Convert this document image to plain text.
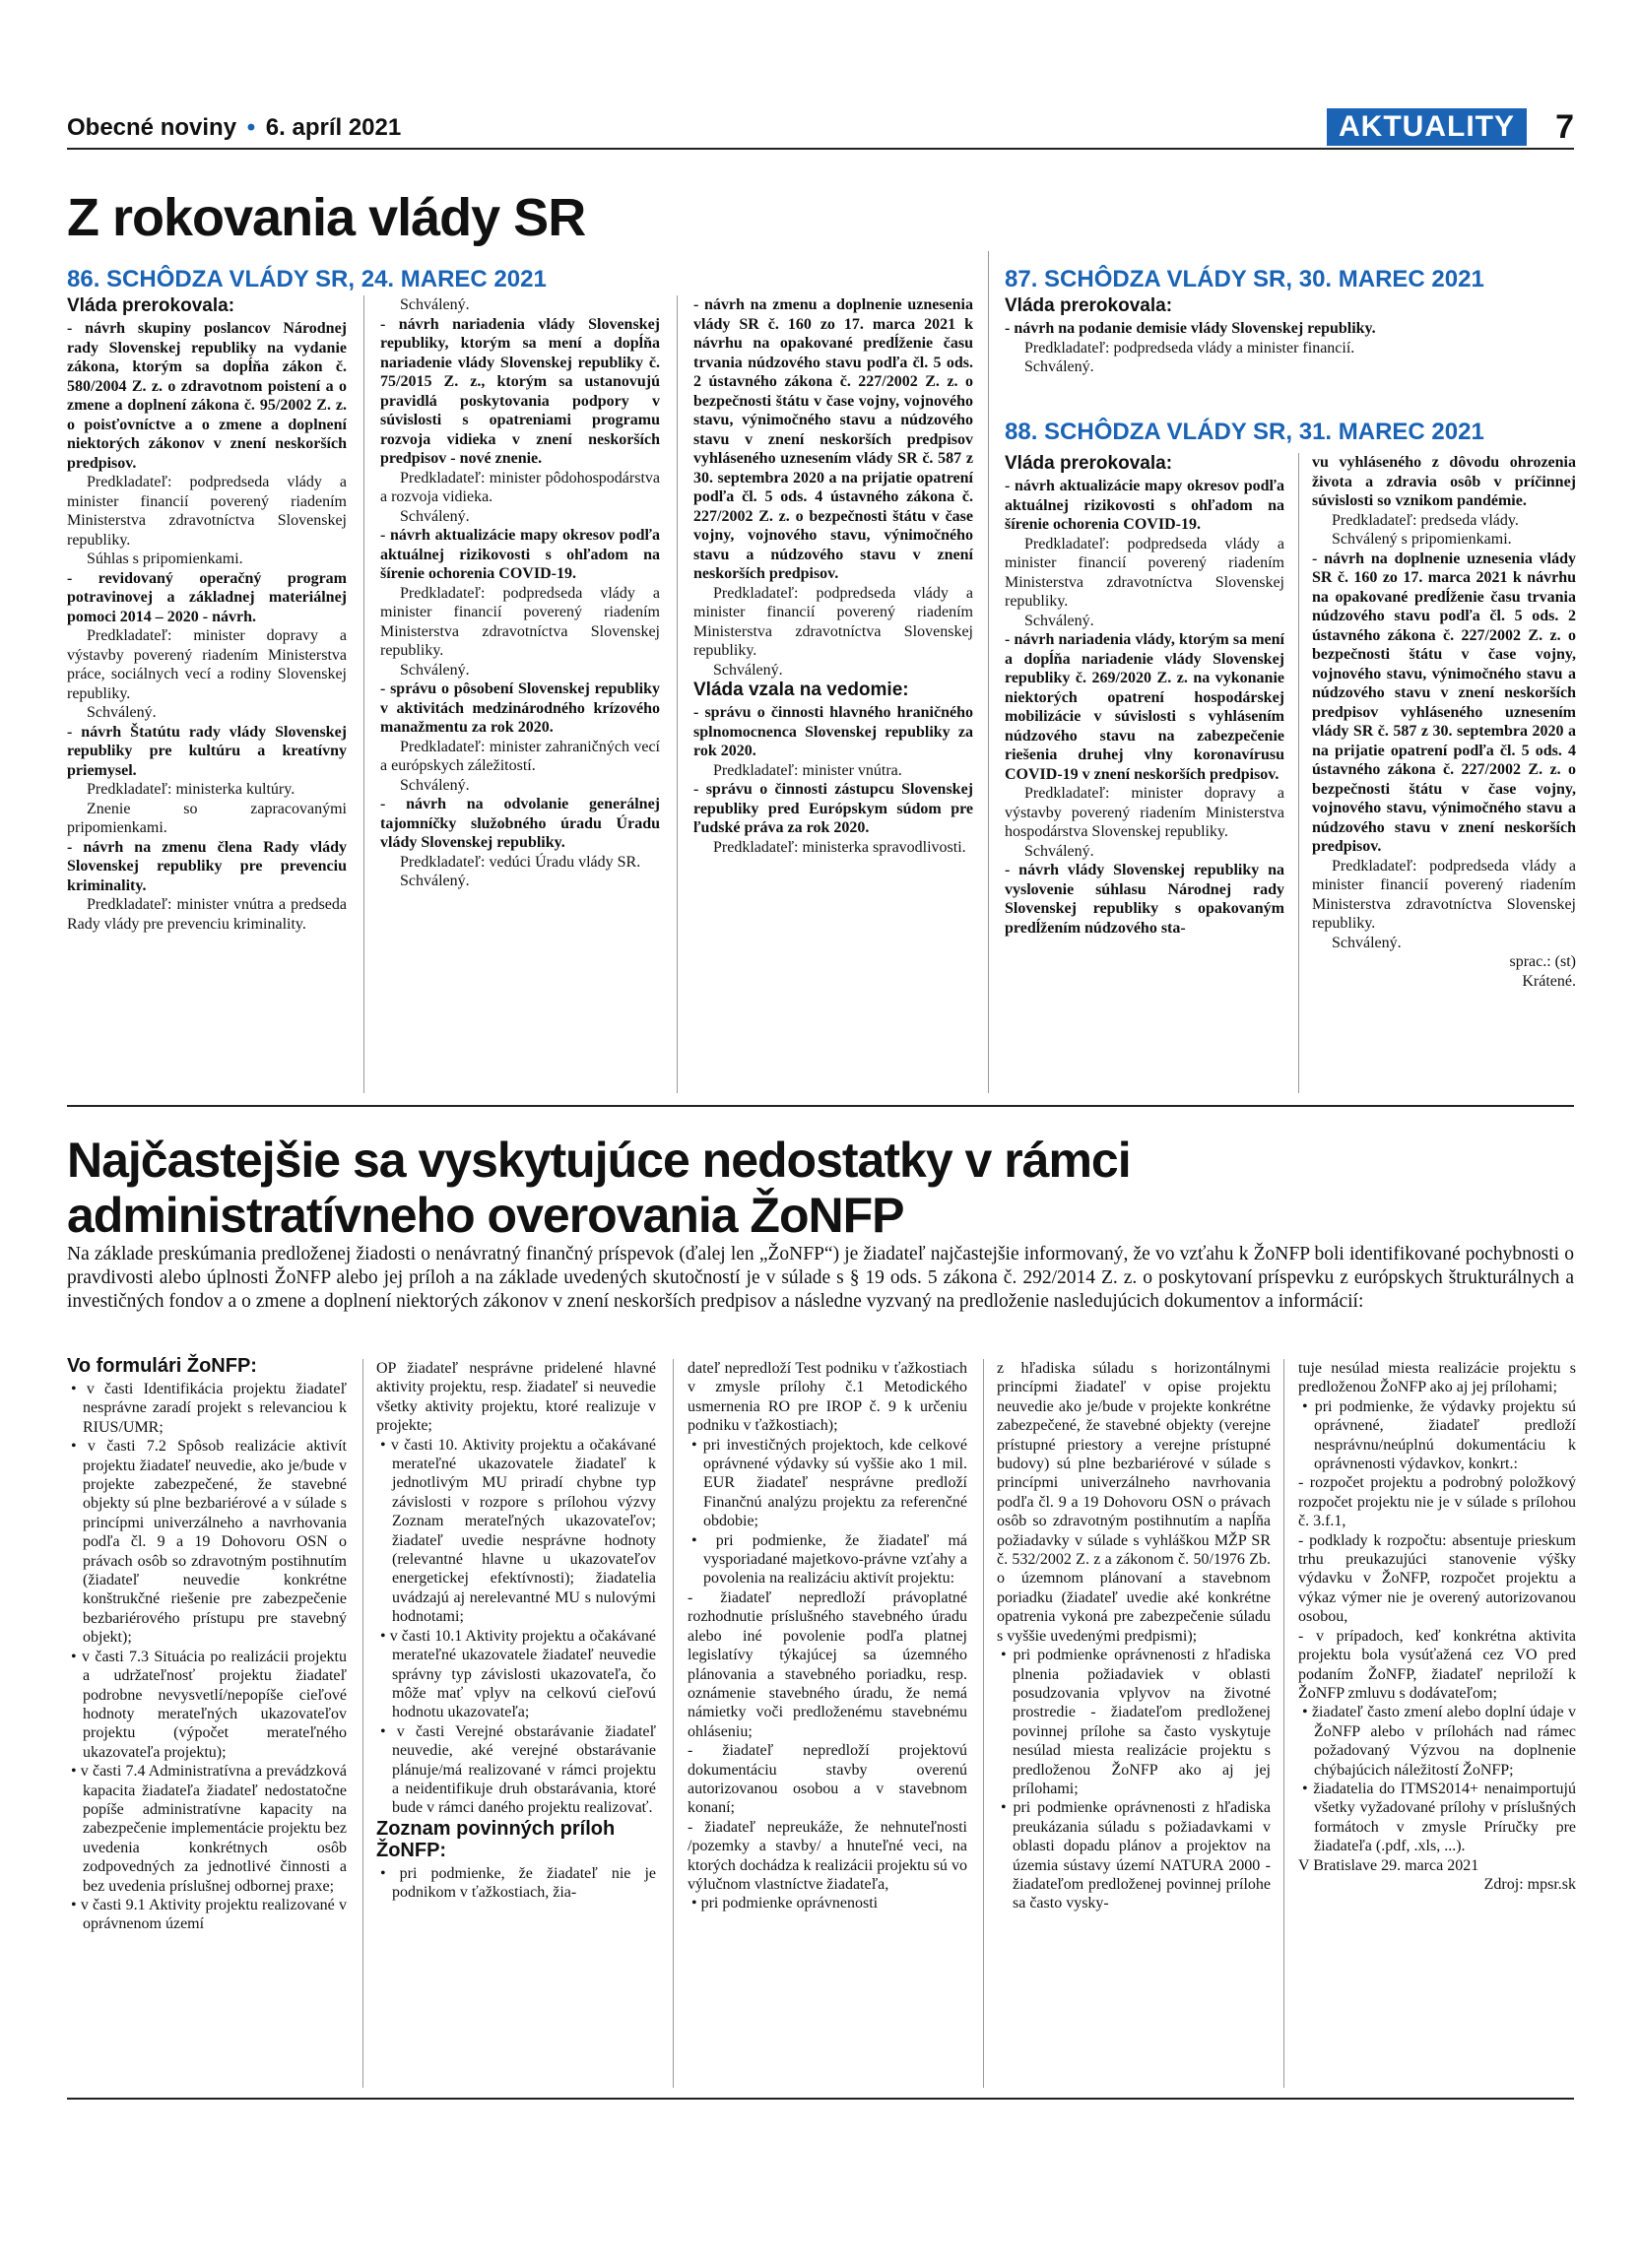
Obecné noviny • 6. apríl 2021	AKTUALITY	7
Z rokovania vlády SR
86. SCHÔDZA VLÁDY SR, 24. MAREC 2021

Vláda prerokovala:

- návrh skupiny poslancov Národnej rady Slovenskej republiky na vydanie zákona, ktorým sa dopĺňa zákon č. 580/2004 Z. z. o zdravotnom poistení a o zmene a doplnení zákona č. 95/2002 Z. z. o poisťovníctve a o zmene a doplnení niektorých zákonov v znení neskorších predpisov.

Predkladateľ: podpredseda vlády a minister financií poverený riadením Ministerstva zdravotníctva Slovenskej republiky.

Súhlas s pripomienkami.

- revidovaný operačný program potravinovej a základnej materiálnej pomoci 2014 – 2020 - návrh.

Predkladateľ: minister dopravy a výstavby poverený riadením Ministerstva práce, sociálnych vecí a rodiny Slovenskej republiky.

Schválený.

- návrh Štatútu rady vlády Slovenskej republiky pre kultúru a kreatívny priemysel.

Predkladateľ: ministerka kultúry.

Znenie so zapracovanými pripomienkami.

- návrh na zmenu člena Rady vlády Slovenskej republiky pre prevenciu kriminality.

Predkladateľ: minister vnútra a predseda Rady vlády pre prevenciu kriminality.

Schválený.

- návrh nariadenia vlády Slovenskej republiky, ktorým sa mení a dopĺňa nariadenie vlády Slovenskej republiky č. 75/2015 Z. z., ktorým sa ustanovujú pravidlá poskytovania podpory v súvislosti s opatreniami programu rozvoja vidieka v znení neskorších predpisov - nové znenie.

Predkladateľ: minister pôdohospodárstva a rozvoja vidieka.

Schválený.

- návrh aktualizácie mapy okresov podľa aktuálnej rizikovosti s ohľadom na šírenie ochorenia COVID-19.

Predkladateľ: podpredseda vlády a minister financií poverený riadením Ministerstva zdravotníctva Slovenskej republiky.

Schválený.

- správu o pôsobení Slovenskej republiky v aktivitách medzinárodného krízového manažmentu za rok 2020.

Predkladateľ: minister zahraničných vecí a európskych záležitostí.

Schválený.

- návrh na odvolanie generálnej tajomníčky služobného úradu Úradu vlády Slovenskej republiky.

Predkladateľ: vedúci Úradu vlády SR.

Schválený.

- návrh na zmenu a doplnenie uznesenia vlády SR č. 160 zo 17. marca 2021 k návrhu na opakované predĺženie času trvania núdzového stavu podľa čl. 5 ods. 2 ústavného zákona č. 227/2002 Z. z. o bezpečnosti štátu v čase vojny, vojnového stavu, výnimočného stavu a núdzového stavu v znení neskorších predpisov vyhláseného uznesením vlády SR č. 587 z 30. septembra 2020 a na prijatie opatrení podľa čl. 5 ods. 4 ústavného zákona č. 227/2002 Z. z. o bezpečnosti štátu v čase vojny, vojnového stavu, výnimočného stavu a núdzového stavu v znení neskorších predpisov.

Predkladateľ: podpredseda vlády a minister financií poverený riadením Ministerstva zdravotníctva Slovenskej republiky.

Schválený.

Vláda vzala na vedomie:

- správu o činnosti hlavného hraničného splnomocnenca Slovenskej republiky za rok 2020.

Predkladateľ: minister vnútra.

- správu o činnosti zástupcu Slovenskej republiky pred Európskym súdom pre ľudské práva za rok 2020.

Predkladateľ: ministerka spravodlivosti.

87. SCHÔDZA VLÁDY SR, 30. MAREC 2021

Vláda prerokovala:

- návrh na podanie demisie vlády Slovenskej republiky.

Predkladateľ: podpredseda vlády a minister financií.

Schválený.

88. SCHÔDZA VLÁDY SR, 31. MAREC 2021

Vláda prerokovala:

- návrh aktualizácie mapy okresov podľa aktuálnej rizikovosti s ohľadom na šírenie ochorenia COVID-19.

Predkladateľ: podpredseda vlády a minister financií poverený riadením Ministerstva zdravotníctva Slovenskej republiky.

Schválený.

- návrh nariadenia vlády, ktorým sa mení a dopĺňa nariadenie vlády Slovenskej republiky č. 269/2020 Z. z. na vykonanie niektorých opatrení hospodárskej mobilizácie v súvislosti s vyhlásením núdzového stavu na zabezpečenie riešenia druhej vlny koronavírusu COVID-19 v znení neskorších predpisov.

Predkladateľ: minister dopravy a výstavby poverený riadením Ministerstva hospodárstva Slovenskej republiky.

Schválený.

- návrh vlády Slovenskej republiky na vyslovenie súhlasu Národnej rady Slovenskej republiky s opakovaným predĺžením núdzového sta-

vu vyhláseného z dôvodu ohrozenia života a zdravia osôb v príčinnej súvislosti so vznikom pandémie.

Predkladateľ: predseda vlády.

Schválený s pripomienkami.

- návrh na doplnenie uznesenia vlády SR č. 160 zo 17. marca 2021 k návrhu na opakované predĺženie času trvania núdzového stavu podľa čl. 5 ods. 2 ústavného zákona č. 227/2002 Z. z. o bezpečnosti štátu v čase vojny, vojnového stavu, výnimočného stavu a núdzového stavu v znení neskorších predpisov vyhláseného uznesením vlády SR č. 587 z 30. septembra 2020 a na prijatie opatrení podľa čl. 5 ods. 4 ústavného zákona č. 227/2002 Z. z. o bezpečnosti štátu v čase vojny, vojnového stavu, výnimočného stavu a núdzového stavu v znení neskorších predpisov.

Predkladateľ: podpredseda vlády a minister financií poverený riadením Ministerstva zdravotníctva Slovenskej republiky.

Schválený.

sprac.: (st)

Krátené.

Najčastejšie sa vyskytujúce nedostatky v rámci
administratívneho overovania ŽoNFP
Na základe preskúmania predloženej žiadosti o nenávratný finančný príspevok (ďalej len „ŽoNFP“) je žiadateľ najčastejšie informovaný, že vo vzťahu k ŽoNFP boli identifikované pochybnosti o pravdivosti alebo úplnosti ŽoNFP alebo jej príloh a na základe uvedených skutočností je v súlade s § 19 ods. 5 zákona č. 292/2014 Z. z. o poskytovaní príspevku z európskych štrukturálnych a investičných fondov a o zmene a doplnení niektorých zákonov v znení neskorších predpisov a následne vyzvaný na predloženie nasledujúcich dokumentov a informácií:

Vo formulári ŽoNFP:

• v časti Identifikácia projektu žiadateľ nesprávne zaradí projekt s relevanciou k RIUS/UMR;

• v časti 7.2 Spôsob realizácie aktivít projektu žiadateľ neuvedie, ako je/bude v projekte zabezpečené, že stavebné objekty sú plne bezbariérové a v súlade s princípmi univerzálneho a navrhovania podľa čl. 9 a 19 Dohovoru OSN o právach osôb so zdravotným postihnutím (žiadateľ neuvedie konkrétne konštrukčné riešenie pre zabezpečenie bezbariérového prístupu pre stavebný objekt);

• v časti 7.3 Situácia po realizácii projektu a udržateľnosť projektu žiadateľ podrobne nevysvetlí/nepopíše cieľové hodnoty merateľných ukazovateľov projektu (výpočet merateľného ukazovateľa projektu);

• v časti 7.4 Administratívna a prevádzková kapacita žiadateľa žiadateľ nedostatočne popíše administratívne kapacity na zabezpečenie implementácie projektu bez uvedenia konkrétnych osôb zodpovedných za jednotlivé činnosti a bez uvedenia príslušnej odbornej praxe;

• v časti 9.1 Aktivity projektu realizované v oprávnenom území

OP žiadateľ nesprávne pridelené hlavné aktivity projektu, resp. žiadateľ si neuvedie všetky aktivity projektu, ktoré realizuje v projekte;

• v časti 10. Aktivity projektu a očakávané merateľné ukazovatele žiadateľ k jednotlivým MU priradí chybne typ závislosti v rozpore s prílohou výzvy Zoznam merateľných ukazovateľov; žiadateľ uvedie nesprávne hodnoty (relevantné hlavne u ukazovateľov energetickej efektívnosti); žiadatelia uvádzajú aj nerelevantné MU s nulovými hodnotami;

• v časti 10.1 Aktivity projektu a očakávané merateľné ukazovatele žiadateľ neuvedie správny typ závislosti ukazovateľa, čo môže mať vplyv na celkovú cieľovú hodnotu ukazovateľa;

• v časti Verejné obstarávanie žiadateľ neuvedie, aké verejné obstarávanie plánuje/má realizované v rámci projektu a neidentifikuje druh obstarávania, ktoré bude v rámci daného projektu realizovať.

Zoznam povinných príloh ŽoNFP:

• pri podmienke, že žiadateľ nie je podnikom v ťažkostiach, žia-

dateľ nepredloží Test podniku v ťažkostiach v zmysle prílohy č.1 Metodického usmernenia RO pre IROP č. 9 k určeniu podniku v ťažkostiach);

• pri investičných projektoch, kde celkové oprávnené výdavky sú vyššie ako 1 mil. EUR žiadateľ nesprávne predloží Finančnú analýzu projektu za referenčné obdobie;

• pri podmienke, že žiadateľ má vysporiadané majetkovo-právne vzťahy a povolenia na realizáciu aktivít projektu:

- žiadateľ nepredloží právoplatné rozhodnutie príslušného stavebného úradu alebo iné povolenie podľa platnej legislatívy týkajúcej sa územného plánovania a stavebného poriadku, resp. oznámenie stavebného úradu, že nemá námietky voči predloženému stavebnému ohláseniu;

- žiadateľ nepredloží projektovú dokumentáciu stavby overenú autorizovanou osobou a v stavebnom konaní;

- žiadateľ nepreukáže, že nehnuteľnosti /pozemky a stavby/ a hnuteľné veci, na ktorých dochádza k realizácii projektu sú vo výlučnom vlastníctve žiadateľa,

• pri podmienke oprávnenosti

z hľadiska súladu s horizontálnymi princípmi žiadateľ v opise projektu neuvedie ako je/bude v projekte konkrétne zabezpečené, že stavebné objekty (verejne prístupné priestory a verejne prístupné budovy) sú plne bezbariérové v súlade s princípmi univerzálneho navrhovania podľa čl. 9 a 19 Dohovoru OSN o právach osôb so zdravotným postihnutím a napĺňa požiadavky v súlade s vyhláškou MŽP SR č. 532/2002 Z. z a zákonom č. 50/1976 Zb. o územnom plánovaní a stavebnom poriadku (žiadateľ uvedie aké konkrétne opatrenia vykoná pre zabezpečenie súladu s vyššie uvedenými predpismi);

• pri podmienke oprávnenosti z hľadiska plnenia požiadaviek v oblasti posudzovania vplyvov na životné prostredie - žiadateľom predloženej povinnej prílohe sa často vyskytuje nesúlad miesta realizácie projektu s predloženou ŽoNFP ako aj jej prílohami;

• pri podmienke oprávnenosti z hľadiska preukázania súladu s požiadavkami v oblasti dopadu plánov a projektov na územia sústavy území NATURA 2000 - žiadateľom predloženej povinnej prílohe sa často vysky-

tuje nesúlad miesta realizácie projektu s predloženou ŽoNFP ako aj jej prílohami;

• pri podmienke, že výdavky projektu sú oprávnené, žiadateľ predloží nesprávnu/neúplnú dokumentáciu k oprávnenosti výdavkov, konkrt.:

- rozpočet projektu a podrobný položkový rozpočet projektu nie je v súlade s prílohou č. 3.f.1,

- podklady k rozpočtu: absentuje prieskum trhu preukazujúci stanovenie výšky výdavku v ŽoNFP, rozpočet projektu a výkaz výmer nie je overený autorizovanou osobou,

- v prípadoch, keď konkrétna aktivita projektu bola vysúťažená cez VO pred podaním ŽoNFP, žiadateľ nepriloží k ŽoNFP zmluvu s dodávateľom;

• žiadateľ často zmení alebo doplní údaje v ŽoNFP alebo v prílohách nad rámec požadovaný Výzvou na doplnenie chýbajúcich náležitostí ŽoNFP;

• žiadatelia do ITMS2014+ nenaimportujú všetky vyžadované prílohy v príslušných formátoch v zmysle Príručky pre žiadateľa (.pdf, .xls, ...).

V Bratislave 29. marca 2021

Zdroj: mpsr.sk
